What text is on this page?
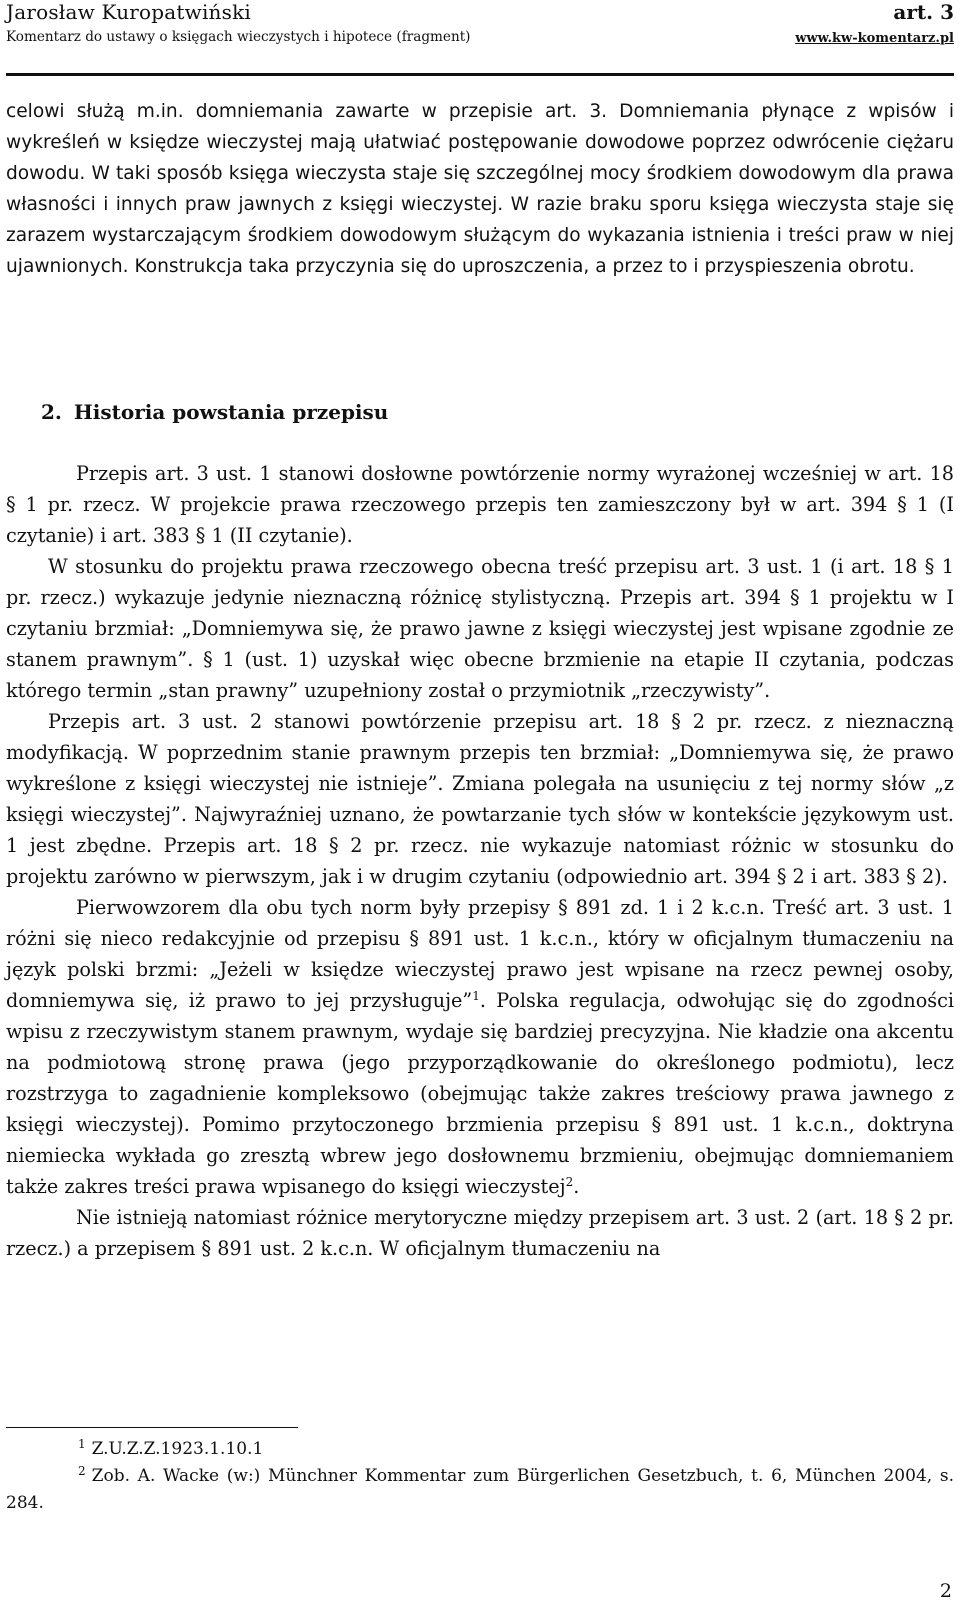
Jarosław Kuropatwiński
Komentarz do ustawy o księgach wieczystych i hipotece (fragment)
art. 3
www.kw-komentarz.pl

celowi służą m.in. domniemania zawarte w przepisie art. 3. Domniemania płynące z wpisów i wykreśleń w księdze wieczystej mają ułatwiać postępowanie dowodowe poprzez odwrócenie ciężaru dowodu. W taki sposób księga wieczysta staje się szczególnej mocy środkiem dowodowym dla prawa własności i innych praw jawnych z księgi wieczystej. W razie braku sporu księga wieczysta staje się zarazem wystarczającym środkiem dowodowym służącym do wykazania istnienia i treści praw w niej ujawnionych. Konstrukcja taka przyczynia się do uproszczenia, a przez to i przyspieszenia obrotu.

2. Historia powstania przepisu

Przepis art. 3 ust. 1 stanowi dosłowne powtórzenie normy wyrażonej wcześniej w art. 18 § 1 pr. rzecz. W projekcie prawa rzeczowego przepis ten zamieszczony był w art. 394 § 1 (I czytanie) i art. 383 § 1 (II czytanie).

W stosunku do projektu prawa rzeczowego obecna treść przepisu art. 3 ust. 1 (i art. 18 § 1 pr. rzecz.) wykazuje jedynie nieznaczną różnicę stylistyczną. Przepis art. 394 § 1 projektu w I czytaniu brzmiał: „Domniemywa się, że prawo jawne z księgi wieczystej jest wpisane zgodnie ze stanem prawnym”. § 1 (ust. 1) uzyskał więc obecne brzmienie na etapie II czytania, podczas którego termin „stan prawny” uzupełniony został o przymiotnik „rzeczywisty”.

Przepis art. 3 ust. 2 stanowi powtórzenie przepisu art. 18 § 2 pr. rzecz. z nieznaczną modyfikacją. W poprzednim stanie prawnym przepis ten brzmiał: „Domniemywa się, że prawo wykreślone z księgi wieczystej nie istnieje”. Zmiana polegała na usunięciu z tej normy słów „z księgi wieczystej”. Najwyraźniej uznano, że powtarzanie tych słów w kontekście językowym ust. 1 jest zbędne. Przepis art. 18 § 2 pr. rzecz. nie wykazuje natomiast różnic w stosunku do projektu zarówno w pierwszym, jak i w drugim czytaniu (odpowiednio art. 394 § 2 i art. 383 § 2).

Pierwowzorem dla obu tych norm były przepisy § 891 zd. 1 i 2 k.c.n. Treść art. 3 ust. 1 różni się nieco redakcyjnie od przepisu § 891 ust. 1 k.c.n., który w oficjalnym tłumaczeniu na język polski brzmi: „Jeżeli w księdze wieczystej prawo jest wpisane na rzecz pewnej osoby, domniemywa się, iż prawo to jej przysługuje”$^1$. Polska regulacja, odwołując się do zgodności wpisu z rzeczywistym stanem prawnym, wydaje się bardziej precyzyjna. Nie kładzie ona akcentu na podmiotową stronę prawa (jego przyporządkowanie do określonego podmiotu), lecz rozstrzyga to zagadnienie kompleksowo (obejmując także zakres treściowy prawa jawnego z księgi wieczystej). Pomimo przytoczonego brzmienia przepisu § 891 ust. 1 k.c.n., doktryna niemiecka wykłada go zresztą wbrew jego dosłownemu brzmieniu, obejmując domniemaniem także zakres treści prawa wpisanego do księgi wieczystej$^2$.

Nie istnieją natomiast różnice merytoryczne między przepisem art. 3 ust. 2 (art. 18 § 2 pr. rzecz.) a przepisem § 891 ust. 2 k.c.n. W oficjalnym tłumaczeniu na

$^1$ Z.U.Z.Z.1923.1.10.1

$^2$ Zob. A. Wacke (w:) Münchner Kommentar zum Bürgerlichen Gesetzbuch, t. 6, München 2004, s. 284.

2
